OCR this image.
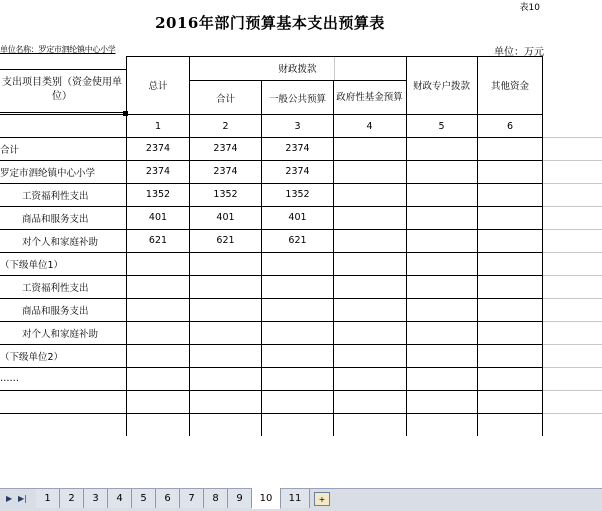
表10
2016年部门预算基本支出预算表
单位名称：罗定市泗纶镇中心小学	单位：万元
支出项目类别（资金使用单位）
总计
财政拨款
合计	一般公共预算	政府性基金预算
财政专户拨款	其他资金
1	2	3	4	5	6
合计	2374	2374	2374
罗定市泗纶镇中心小学	2374	2374	2374
工资福利性支出	1352	1352	1352
商品和服务支出	401	401	401
对个人和家庭补助	621	621	621
（下级单位1）
工资福利性支出
商品和服务支出
对个人和家庭补助
（下级单位2）
……
▶ ▶|	1	2	3	4	5	6	7	8	9	10	11	+
